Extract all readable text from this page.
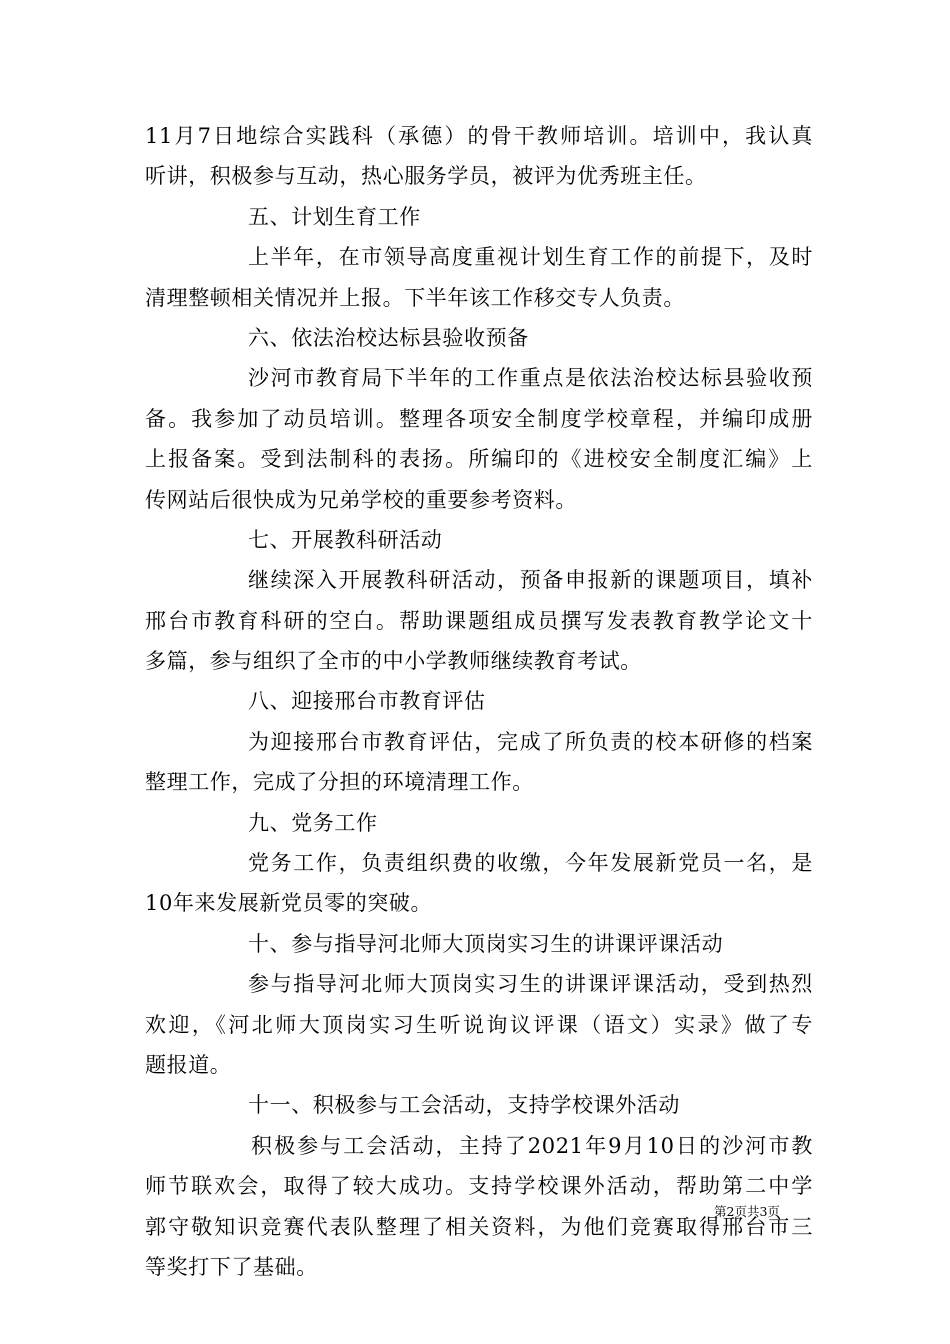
11月7日地综合实践科（承德）的骨干教师培训。培训中，我认真
听讲，积极参与互动，热心服务学员，被评为优秀班主任。
五、计划生育工作
上半年，在市领导高度重视计划生育工作的前提下，及时
清理整顿相关情况并上报。下半年该工作移交专人负责。
六、依法治校达标县验收预备
沙河市教育局下半年的工作重点是依法治校达标县验收预
备。我参加了动员培训。整理各项安全制度学校章程，并编印成册
上报备案。受到法制科的表扬。所编印的《进校安全制度汇编》上
传网站后很快成为兄弟学校的重要参考资料。
七、开展教科研活动
继续深入开展教科研活动，预备申报新的课题项目，填补
邢台市教育科研的空白。帮助课题组成员撰写发表教育教学论文十
多篇，参与组织了全市的中小学教师继续教育考试。
八、迎接邢台市教育评估
为迎接邢台市教育评估，完成了所负责的校本研修的档案
整理工作，完成了分担的环境清理工作。
九、党务工作
党务工作，负责组织费的收缴，今年发展新党员一名，是
10年来发展新党员零的突破。
十、参与指导河北师大顶岗实习生的讲课评课活动
参与指导河北师大顶岗实习生的讲课评课活动，受到热烈
欢迎，《河北师大顶岗实习生听说询议评课（语文）实录》做了专
题报道。
十一、积极参与工会活动，支持学校课外活动
积极参与工会活动，主持了2021年9月10日的沙河市教
师节联欢会，取得了较大成功。支持学校课外活动，帮助第二中学
郭守敬知识竞赛代表队整理了相关资料，为他们竞赛取得邢台市三
等奖打下了基础。
第2页共3页
